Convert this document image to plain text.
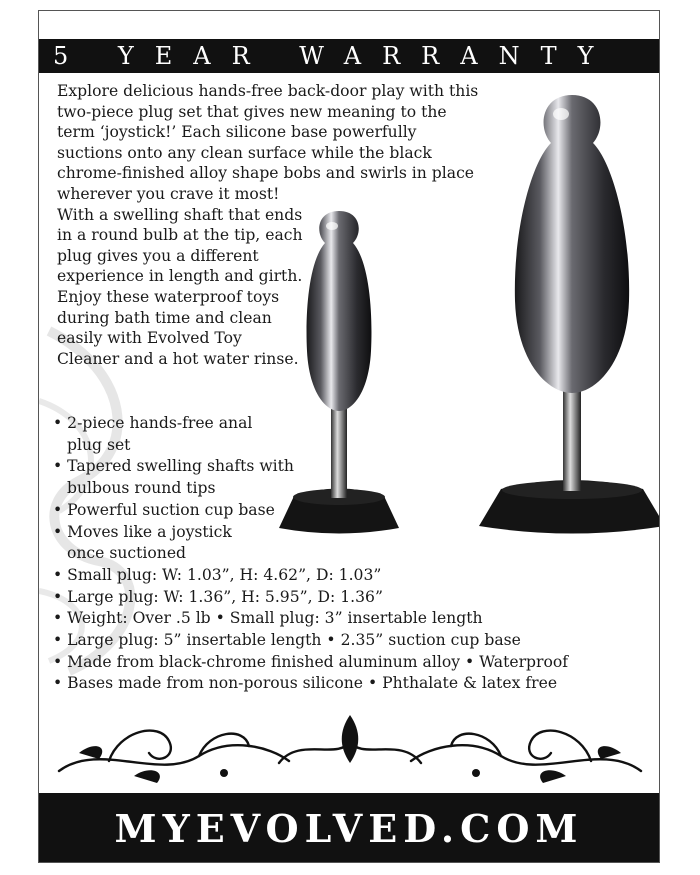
5 YEAR WARRANTY

Explore delicious hands-free back-door play with this
two-piece plug set that gives new meaning to the
term ‘joystick!’ Each silicone base powerfully
suctions onto any clean surface while the black
chrome-finished alloy shape bobs and swirls in place
wherever you crave it most!
With a swelling shaft that ends
in a round bulb at the tip, each
plug gives you a different
experience in length and girth.
Enjoy these waterproof toys
during bath time and clean
easily with Evolved Toy
Cleaner and a hot water rinse.

• 2-piece hands-free anal
plug set
• Tapered swelling shafts with
bulbous round tips
• Powerful suction cup base
• Moves like a joystick
once suctioned
• Small plug: W: 1.03”, H: 4.62”, D: 1.03”
• Large plug: W: 1.36”, H: 5.95”, D: 1.36”
• Weight: Over .5 lb • Small plug: 3” insertable length
• Large plug: 5” insertable length • 2.35” suction cup base
• Made from black-chrome finished aluminum alloy • Waterproof
• Bases made from non-porous silicone • Phthalate & latex free
MYEVOLVED.COM
